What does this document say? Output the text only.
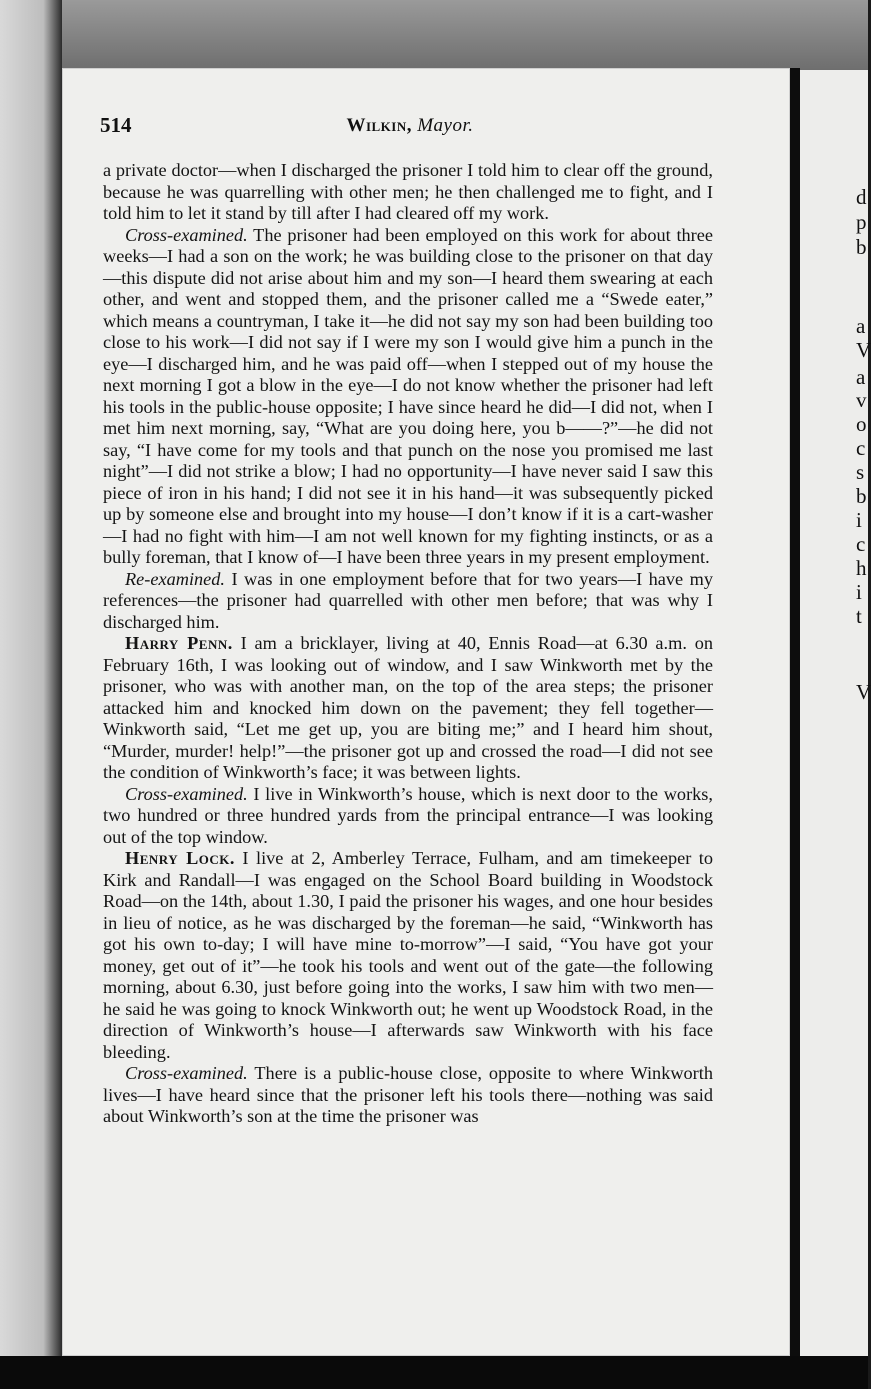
d
p
b
a
V
a
v
o
c
s
b
i
c
h
i
t
V
514	Wilkin, Mayor.

a private doctor—when I discharged the prisoner I told him to clear off the ground, because he was quarrelling with other men; he then challenged me to fight, and I told him to let it stand by till after I had cleared off my work.

Cross-examined. The prisoner had been employed on this work for about three weeks—I had a son on the work; he was building close to the prisoner on that day—this dispute did not arise about him and my son—I heard them swearing at each other, and went and stopped them, and the prisoner called me a “Swede eater,” which means a countryman, I take it—he did not say my son had been building too close to his work—I did not say if I were my son I would give him a punch in the eye—I discharged him, and he was paid off—when I stepped out of my house the next morning I got a blow in the eye—I do not know whether the prisoner had left his tools in the public-house opposite; I have since heard he did—I did not, when I met him next morning, say, “What are you doing here, you b——?”—he did not say, “I have come for my tools and that punch on the nose you promised me last night”—I did not strike a blow; I had no opportunity—I have never said I saw this piece of iron in his hand; I did not see it in his hand—it was subsequently picked up by someone else and brought into my house—I don’t know if it is a cart-washer—I had no fight with him—I am not well known for my fighting instincts, or as a bully foreman, that I know of—I have been three years in my present employment.

Re-examined. I was in one employment before that for two years—I have my references—the prisoner had quarrelled with other men before; that was why I discharged him.

Harry Penn. I am a bricklayer, living at 40, Ennis Road—at 6.30 a.m. on February 16th, I was looking out of window, and I saw Winkworth met by the prisoner, who was with another man, on the top of the area steps; the prisoner attacked him and knocked him down on the pavement; they fell together—Winkworth said, “Let me get up, you are biting me;” and I heard him shout, “Murder, murder! help!”—the prisoner got up and crossed the road—I did not see the condition of Winkworth’s face; it was between lights.

Cross-examined. I live in Winkworth’s house, which is next door to the works, two hundred or three hundred yards from the principal entrance—I was looking out of the top window.

Henry Lock. I live at 2, Amberley Terrace, Fulham, and am timekeeper to Kirk and Randall—I was engaged on the School Board building in Woodstock Road—on the 14th, about 1.30, I paid the prisoner his wages, and one hour besides in lieu of notice, as he was discharged by the foreman—he said, “Winkworth has got his own to-day; I will have mine to-morrow”—I said, “You have got your money, get out of it”—he took his tools and went out of the gate—the following morning, about 6.30, just before going into the works, I saw him with two men—he said he was going to knock Winkworth out; he went up Woodstock Road, in the direction of Winkworth’s house—I afterwards saw Winkworth with his face bleeding.

Cross-examined. There is a public-house close, opposite to where Winkworth lives—I have heard since that the prisoner left his tools there—nothing was said about Winkworth’s son at the time the prisoner was
